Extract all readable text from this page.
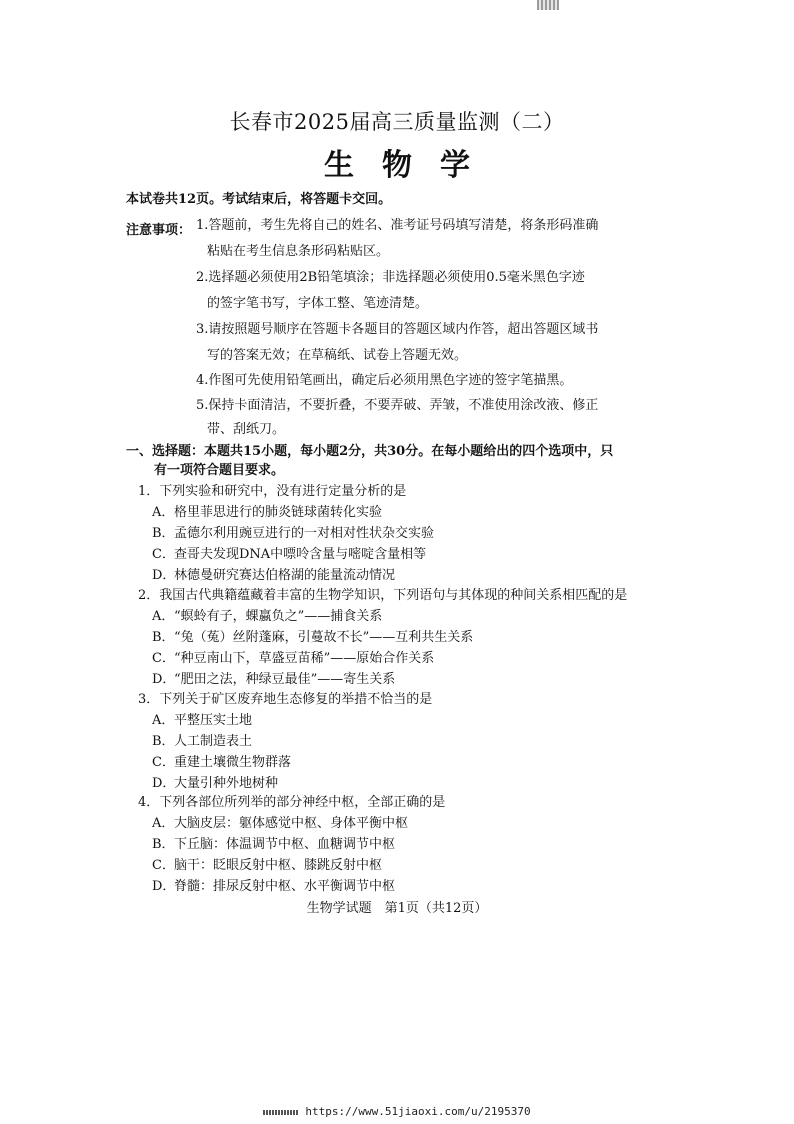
长春市2025届高三质量监测（二）
生物学
本试卷共12页。考试结束后，将答题卡交回。
注意事项： 1.答题前，考生先将自己的姓名、准考证号码填写清楚，将条形码准确
粘贴在考生信息条形码粘贴区。
2.选择题必须使用2B铅笔填涂；非选择题必须使用0.5毫米黑色字迹
的签字笔书写，字体工整、笔迹清楚。
3.请按照题号顺序在答题卡各题目的答题区域内作答，超出答题区域书
写的答案无效；在草稿纸、试卷上答题无效。
4.作图可先使用铅笔画出，确定后必须用黑色字迹的签字笔描黑。
5.保持卡面清洁，不要折叠，不要弄破、弄皱，不准使用涂改液、修正
带、刮纸刀。
一、选择题：本题共15小题，每小题2分，共30分。在每小题给出的四个选项中，只
有一项符合题目要求。
1．下列实验和研究中，没有进行定量分析的是
A．格里菲思进行的肺炎链球菌转化实验
B．孟德尔利用豌豆进行的一对相对性状杂交实验
C．查哥夫发现DNA中嘌呤含量与嘧啶含量相等
D．林德曼研究赛达伯格湖的能量流动情况
2．我国古代典籍蕴藏着丰富的生物学知识，下列语句与其体现的种间关系相匹配的是
A．“螟蛉有子，蜾蠃负之”——捕食关系
B．“兔（菟）丝附蓬麻，引蔓故不长”——互利共生关系
C．“种豆南山下，草盛豆苗稀”——原始合作关系
D．“肥田之法，种绿豆最佳”——寄生关系
3．下列关于矿区废弃地生态修复的举措不恰当的是
A．平整压实土地
B．人工制造表土
C．重建土壤微生物群落
D．大量引种外地树种
4．下列各部位所列举的部分神经中枢，全部正确的是
A．大脑皮层：躯体感觉中枢、身体平衡中枢
B．下丘脑：体温调节中枢、血糖调节中枢
C．脑干：眨眼反射中枢、膝跳反射中枢
D．脊髓：排尿反射中枢、水平衡调节中枢
生物学试题　第1页（共12页）
https://www.51jiaoxi.com/u/2195370
